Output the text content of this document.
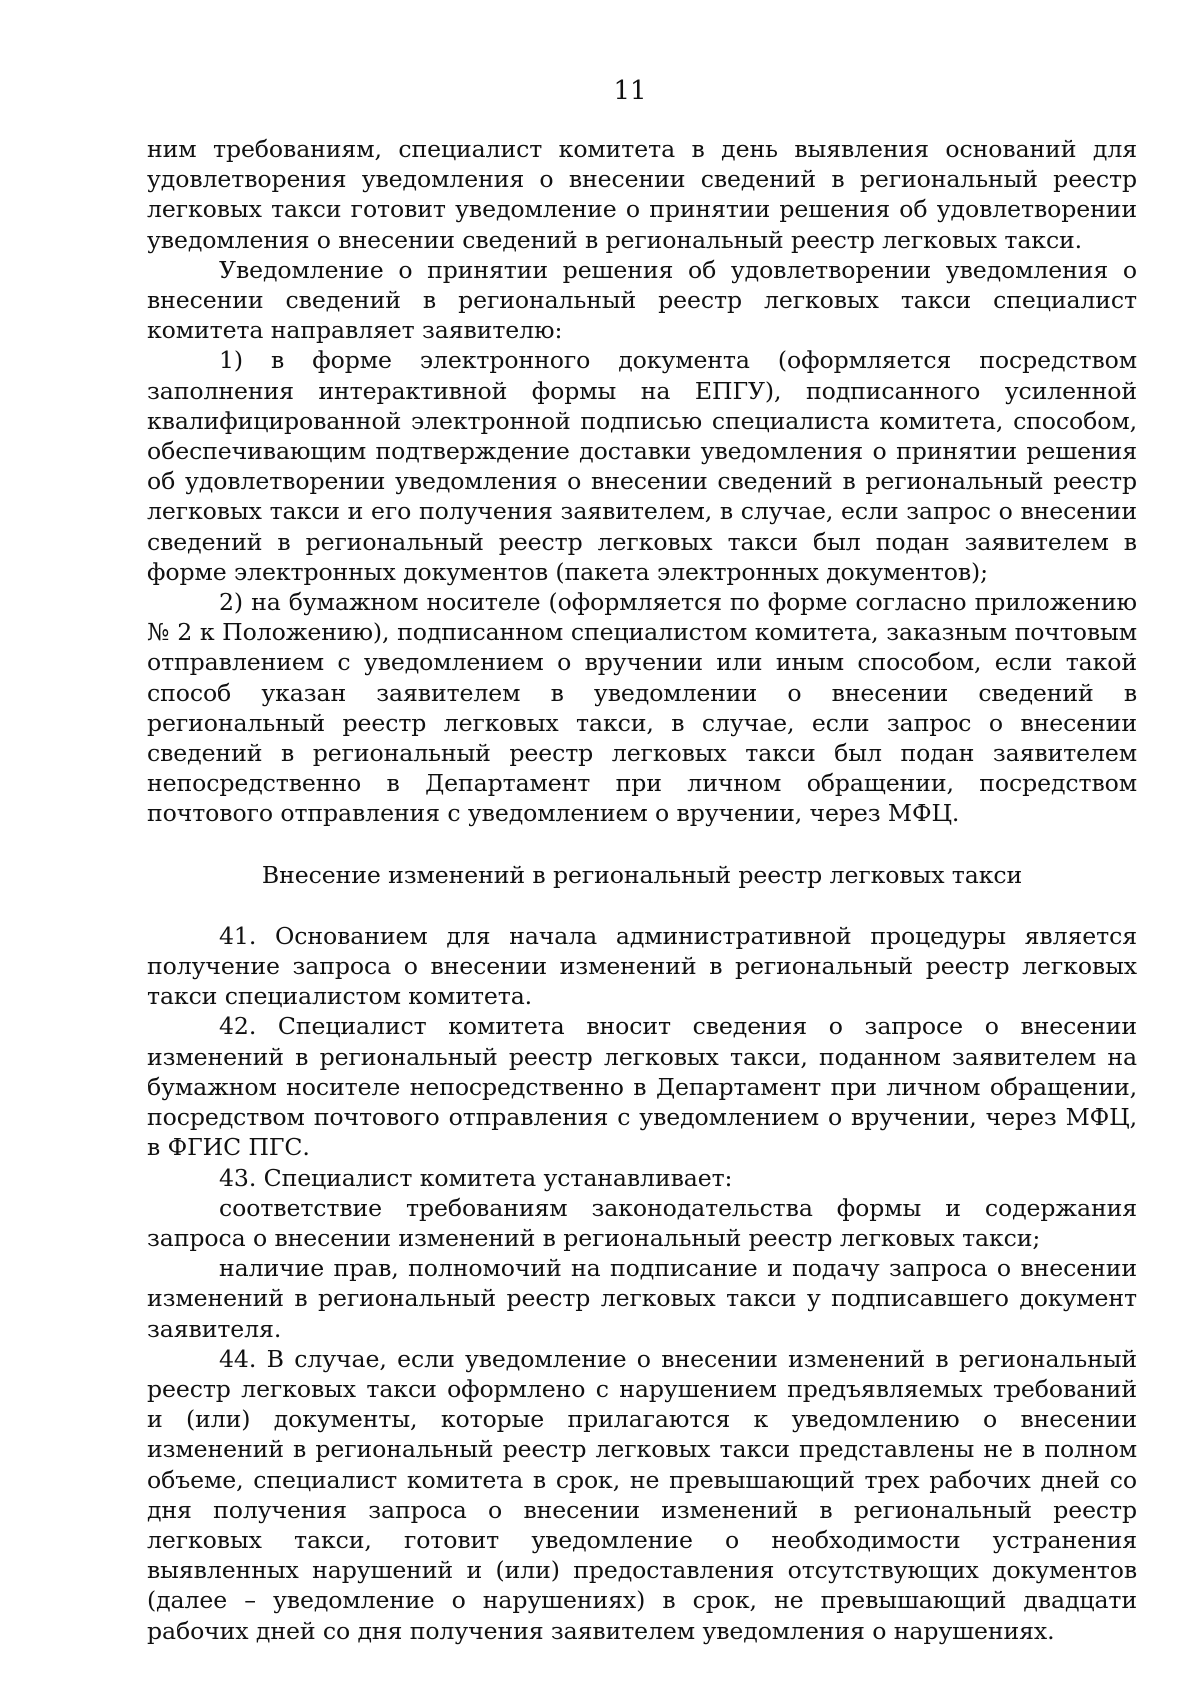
11

ним требованиям, специалист комитета в день выявления оснований для удовлетворения уведомления о внесении сведений в региональный реестр легковых такси готовит уведомление о принятии решения об удовлетворении уведомления о внесении сведений в региональный реестр легковых такси.

Уведомление о принятии решения об удовлетворении уведомления о внесении сведений в региональный реестр легковых такси специалист комитета направляет заявителю:

1) в форме электронного документа (оформляется посредством заполнения интерактивной формы на ЕПГУ), подписанного усиленной квалифицированной электронной подписью специалиста комитета, способом, обеспечивающим подтверждение доставки уведомления о принятии решения об удовлетворении уведомления о внесении сведений в региональный реестр легковых такси и его получения заявителем, в случае, если запрос о внесении сведений в региональный реестр легковых такси был подан заявителем в форме электронных документов (пакета электронных документов);

2) на бумажном носителе (оформляется по форме согласно приложению № 2 к Положению), подписанном специалистом комитета, заказным почтовым отправлением с уведомлением о вручении или иным способом, если такой способ указан заявителем в уведомлении о внесении сведений в региональный реестр легковых такси, в случае, если запрос о внесении сведений в региональный реестр легковых такси был подан заявителем непосредственно в Департамент при личном обращении, посредством почтового отправления с уведомлением о вручении, через МФЦ.

Внесение изменений в региональный реестр легковых такси

41. Основанием для начала административной процедуры является получение запроса о внесении изменений в региональный реестр легковых такси специалистом комитета.

42. Специалист комитета вносит сведения о запросе о внесении изменений в региональный реестр легковых такси, поданном заявителем на бумажном носителе непосредственно в Департамент при личном обращении, посредством почтового отправления с уведомлением о вручении, через МФЦ, в ФГИС ПГС.

43. Специалист комитета устанавливает:

соответствие требованиям законодательства формы и содержания запроса о внесении изменений в региональный реестр легковых такси;

наличие прав, полномочий на подписание и подачу запроса о внесении изменений в региональный реестр легковых такси у подписавшего документ заявителя.

44. В случае, если уведомление о внесении изменений в региональный реестр легковых такси оформлено с нарушением предъявляемых требований и (или) документы, которые прилагаются к уведомлению о внесении изменений в региональный реестр легковых такси представлены не в полном объеме, специалист комитета в срок, не превышающий трех рабочих дней со дня получения запроса о внесении изменений в региональный реестр легковых такси, готовит уведомление о необходимости устранения выявленных нарушений и (или) предоставления отсутствующих документов (далее – уведомление о нарушениях) в срок, не превышающий двадцати рабочих дней со дня получения заявителем уведомления о нарушениях.
